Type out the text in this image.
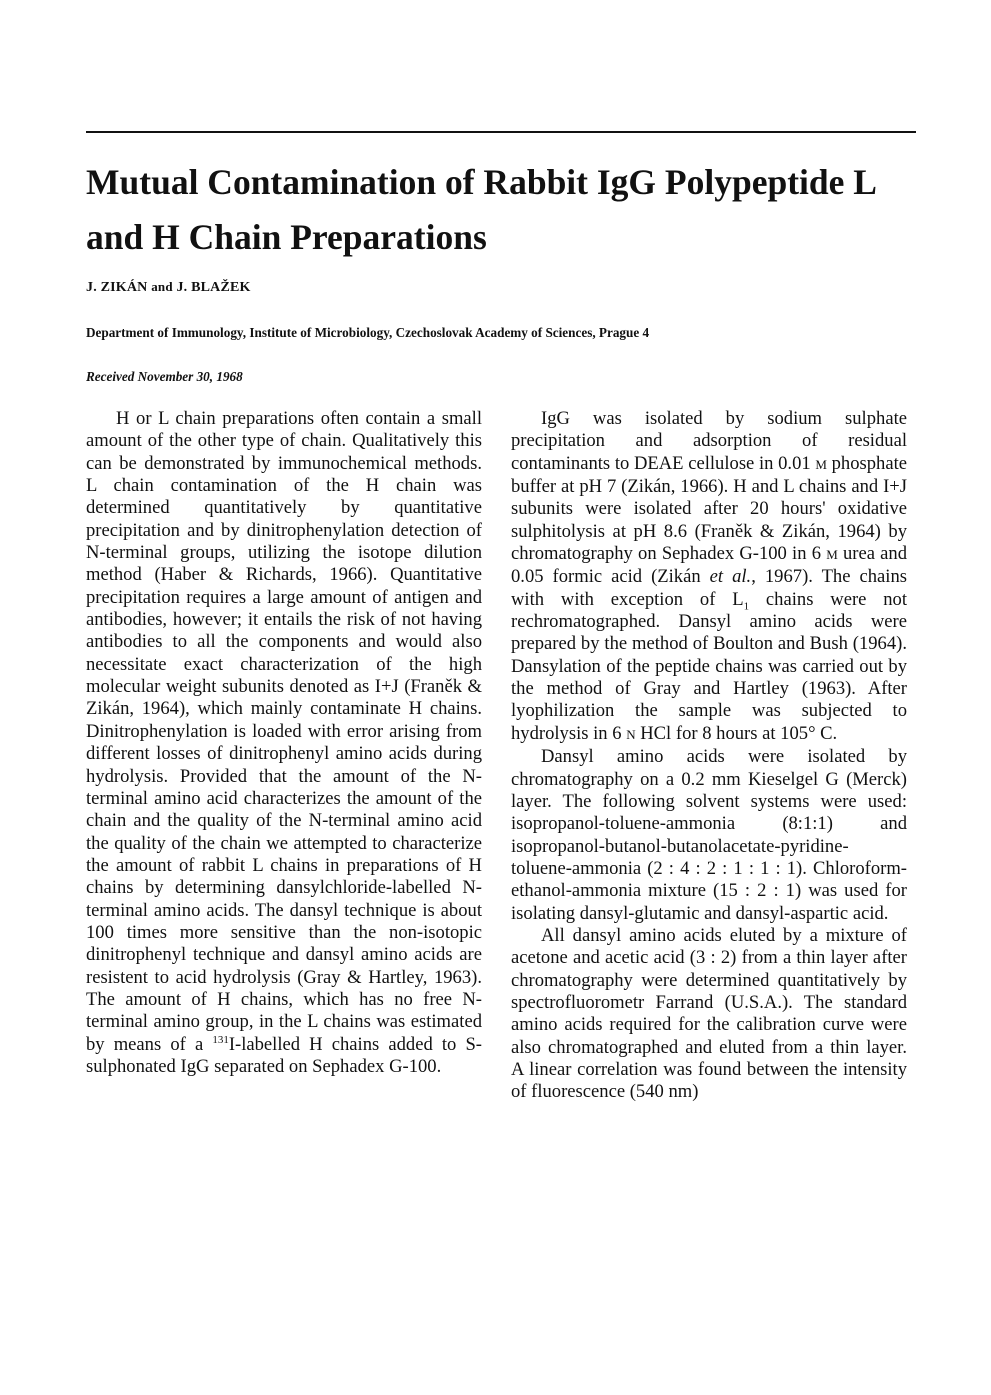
Mutual Contamination of Rabbit IgG Polypeptide L and H Chain Preparations
J. ZIKÁN and J. BLAŽEK
Department of Immunology, Institute of Microbiology, Czechoslovak Academy of Sciences, Prague 4
Received November 30, 1968

H or L chain preparations often contain a small amount of the other type of chain. Qualitatively this can be demonstrated by immunochemical methods. L chain contamination of the H chain was determined quantitatively by quantitative precipitation and by dinitrophenylation detection of N-terminal groups, utilizing the isotope dilution method (Haber & Richards, 1966). Quantitative precipitation requires a large amount of antigen and antibodies, however; it entails the risk of not having antibodies to all the components and would also necessitate exact characterization of the high molecular weight subunits denoted as I+J (Franěk & Zikán, 1964), which mainly contaminate H chains. Dinitrophenylation is loaded with error arising from different losses of dinitrophenyl amino acids during hydrolysis. Provided that the amount of the N-terminal amino acid characterizes the amount of the chain and the quality of the N-terminal amino acid the quality of the chain we attempted to characterize the amount of rabbit L chains in preparations of H chains by determining dansylchloride-labelled N-terminal amino acids. The dansyl technique is about 100 times more sensitive than the non-isotopic dinitrophenyl technique and dansyl amino acids are resistent to acid hydrolysis (Gray & Hartley, 1963). The amount of H chains, which has no free N-terminal amino group, in the L chains was estimated by means of a $^{131}$I-labelled H chains added to S-sulphonated IgG separated on Sephadex G-100.

IgG was isolated by sodium sulphate precipitation and adsorption of residual contaminants to DEAE cellulose in 0.01 M phosphate buffer at pH 7 (Zikán, 1966). H and L chains and I+J subunits were isolated after 20 hours' oxidative sulphitolysis at pH 8.6 (Franěk & Zikán, 1964) by chromatography on Sephadex G-100 in 6 M urea and 0.05 formic acid (Zikán et al., 1967). The chains with with exception of $L_1$ chains were not rechromatographed. Dansyl amino acids were prepared by the method of Boulton and Bush (1964). Dansylation of the peptide chains was carried out by the method of Gray and Hartley (1963). After lyophilization the sample was subjected to hydrolysis in 6 N HCl for 8 hours at 105° C.

Dansyl amino acids were isolated by chromatography on a 0.2 mm Kieselgel G (Merck) layer. The following solvent systems were used: isopropanol-toluene-ammonia (8:1:1) and isopropanol-butanol-butanolacetate-pyridine-toluene-ammonia (2 : 4 : 2 : 1 : 1 : 1). Chloroform-ethanol-ammonia mixture (15 : 2 : 1) was used for isolating dansyl-glutamic and dansyl-aspartic acid.

All dansyl amino acids eluted by a mixture of acetone and acetic acid (3 : 2) from a thin layer after chromatography were determined quantitatively by spectrofluorometr Farrand (U.S.A.). The standard amino acids required for the calibration curve were also chromatographed and eluted from a thin layer. A linear correlation was found between the intensity of fluorescence (540 nm)
